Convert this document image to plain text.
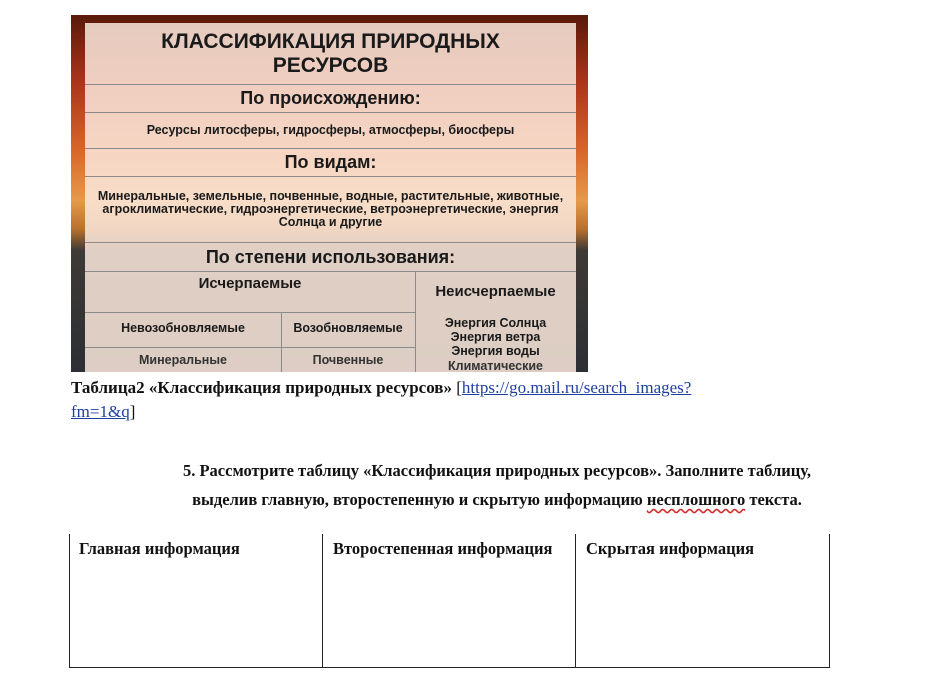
КЛАССИФИКАЦИЯ ПРИРОДНЫХ РЕСУРСОВ
По происхождению:
Ресурсы литосферы, гидросферы, атмосферы, биосферы
По видам:
Минеральные, земельные, почвенные, водные, растительные, животные, агроклиматические, гидроэнергетические, ветроэнергетические, энергия Солнца и другие
По степени использования:
Исчерпаемые	Неисчерпаемые
Невозобновляемые	Возобновляемые	Энергия Солнца Энергия ветра Энергия воды
Минеральные	Почвенные	Климатические
Таблица2 «Классификация природных ресурсов» [https://go.mail.ru/search_images?
fm=1&q]
5. Рассмотрите таблицу «Классификация природных ресурсов». Заполните таблицу,
выделив главную, второстепенную и скрытую информацию несплошного текста.
Главная информация	Второстепенная информация	Скрытая информация
